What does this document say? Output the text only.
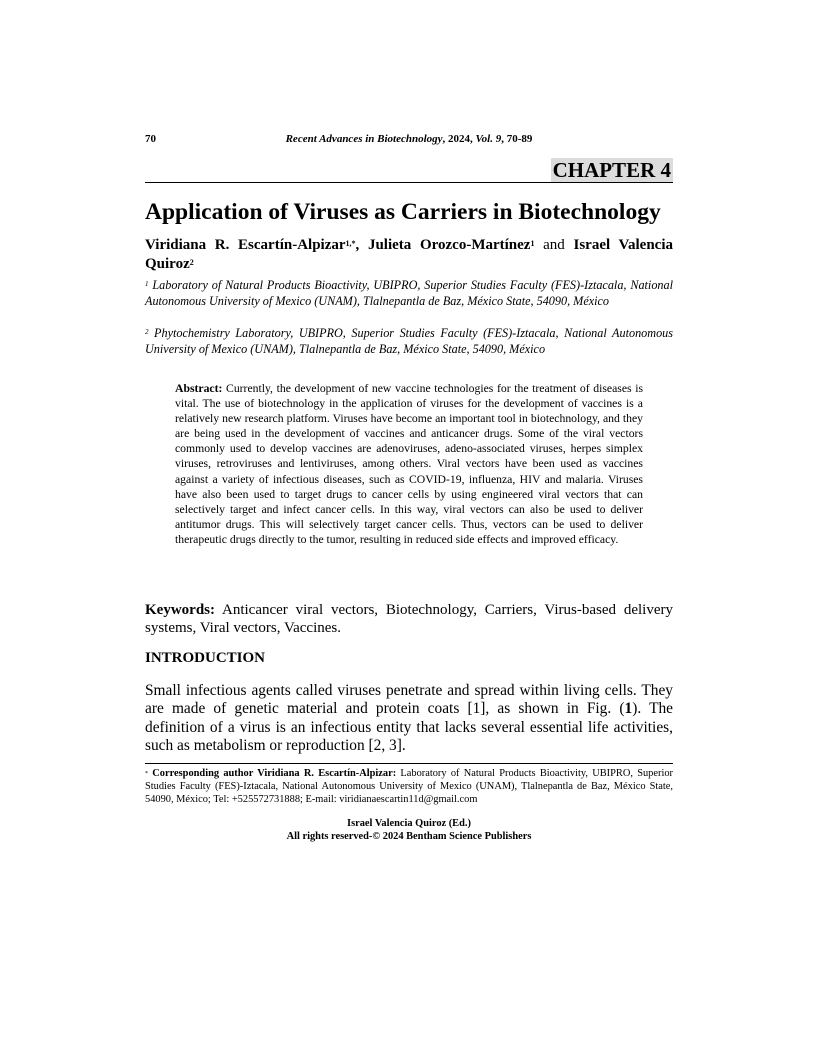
70	Recent Advances in Biotechnology, 2024, Vol. 9, 70-89
CHAPTER 4
Application of Viruses as Carriers in Biotechnology
Viridiana R. Escartín-Alpizar$^{1,*}$, Julieta Orozco-Martínez$^1$ and Israel Valencia Quiroz$^2$
$^1$ Laboratory of Natural Products Bioactivity, UBIPRO, Superior Studies Faculty (FES)-Iztacala, National Autonomous University of Mexico (UNAM), Tlalnepantla de Baz, México State, 54090, México
$^2$ Phytochemistry Laboratory, UBIPRO, Superior Studies Faculty (FES)-Iztacala, National Autonomous University of Mexico (UNAM), Tlalnepantla de Baz, México State, 54090, México
Abstract: Currently, the development of new vaccine technologies for the treatment of diseases is vital. The use of biotechnology in the application of viruses for the development of vaccines is a relatively new research platform. Viruses have become an important tool in biotechnology, and they are being used in the development of vaccines and anticancer drugs. Some of the viral vectors commonly used to develop vaccines are adenoviruses, adeno-associated viruses, herpes simplex viruses, retroviruses and lentiviruses, among others. Viral vectors have been used as vaccines against a variety of infectious diseases, such as COVID-19, influenza, HIV and malaria. Viruses have also been used to target drugs to cancer cells by using engineered viral vectors that can selectively target and infect cancer cells. In this way, viral vectors can also be used to deliver antitumor drugs. This will selectively target cancer cells. Thus, vectors can be used to deliver therapeutic drugs directly to the tumor, resulting in reduced side effects and improved efficacy.
Keywords: Anticancer viral vectors, Biotechnology, Carriers, Virus-based delivery systems, Viral vectors, Vaccines.
INTRODUCTION
Small infectious agents called viruses penetrate and spread within living cells. They are made of genetic material and protein coats [1], as shown in Fig. (1). The definition of a virus is an infectious entity that lacks several essential life activities, such as metabolism or reproduction [2, 3].
* Corresponding author Viridiana R. Escartín-Alpizar: Laboratory of Natural Products Bioactivity, UBIPRO, Superior Studies Faculty (FES)-Iztacala, National Autonomous University of Mexico (UNAM), Tlalnepantla de Baz, México State, 54090, México; Tel: +525572731888; E-mail: viridianaescartin11d@gmail.com
Israel Valencia Quiroz (Ed.)
All rights reserved-© 2024 Bentham Science Publishers
